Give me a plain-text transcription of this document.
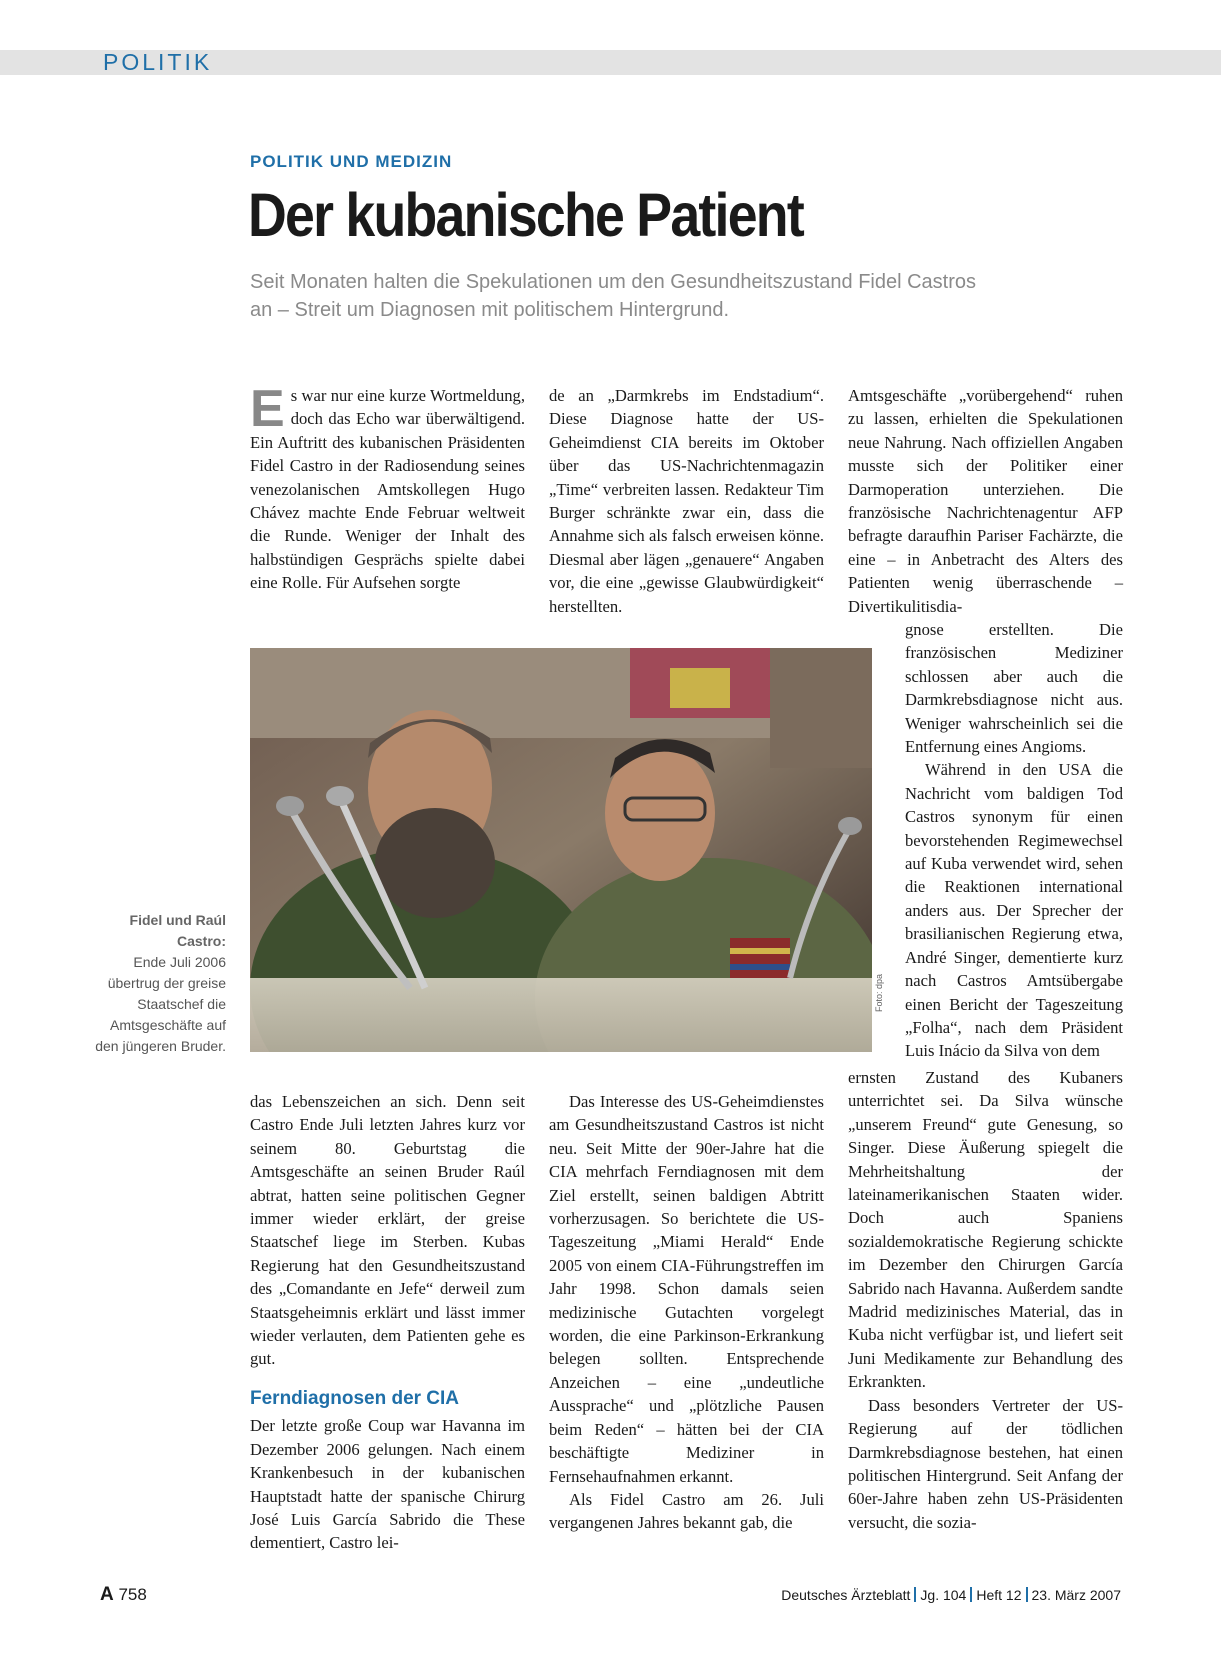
POLITIK
POLITIK UND MEDIZIN
Der kubanische Patient
Seit Monaten halten die Spekulationen um den Gesundheitszustand Fidel Castros an – Streit um Diagnosen mit politischem Hintergrund.

Es war nur eine kurze Wortmeldung, doch das Echo war überwältigend. Ein Auftritt des kubanischen Präsidenten Fidel Castro in der Radiosendung seines venezolanischen Amtskollegen Hugo Chávez machte Ende Februar weltweit die Runde. Weniger der Inhalt des halbstündigen Gesprächs spielte dabei eine Rolle. Für Aufsehen sorgte

de an „Darmkrebs im Endstadium“. Diese Diagnose hatte der US-Geheimdienst CIA bereits im Oktober über das US-Nachrichtenmagazin „Time“ verbreiten lassen. Redakteur Tim Burger schränkte zwar ein, dass die Annahme sich als falsch erweisen könne. Diesmal aber lägen „genauere“ Angaben vor, die eine „gewisse Glaubwürdigkeit“ herstellten.

Amtsgeschäfte „vorübergehend“ ruhen zu lassen, erhielten die Spekulationen neue Nahrung. Nach offiziellen Angaben musste sich der Politiker einer Darmoperation unterziehen. Die französische Nachrichtenagentur AFP befragte daraufhin Pariser Fachärzte, die eine – in Anbetracht des Alters des Patienten wenig überraschende – Divertikulitisdia-

gnose erstellten. Die französischen Mediziner schlossen aber auch die Darmkrebsdiagnose nicht aus. Weniger wahrscheinlich sei die Entfernung eines Angioms.

Während in den USA die Nachricht vom baldigen Tod Castros synonym für einen bevorstehenden Regimewechsel auf Kuba verwendet wird, sehen die Reaktionen international anders aus. Der Sprecher der brasilianischen Regierung etwa, André Singer, dementierte kurz nach Castros Amtsübergabe einen Bericht der Tageszeitung „Folha“, nach dem Präsident Luis Inácio da Silva von dem

Foto: dpa
Fidel und Raúl Castro:
Ende Juli 2006 übertrug der greise Staatschef die Amtsgeschäfte auf den jüngeren Bruder.

das Lebenszeichen an sich. Denn seit Castro Ende Juli letzten Jahres kurz vor seinem 80. Geburtstag die Amtsgeschäfte an seinen Bruder Raúl abtrat, hatten seine politischen Gegner immer wieder erklärt, der greise Staatschef liege im Sterben. Kubas Regierung hat den Gesundheitszustand des „Comandante en Jefe“ derweil zum Staatsgeheimnis erklärt und lässt immer wieder verlauten, dem Patienten gehe es gut.

Ferndiagnosen der CIA

Der letzte große Coup war Havanna im Dezember 2006 gelungen. Nach einem Krankenbesuch in der kubanischen Hauptstadt hatte der spanische Chirurg José Luis García Sabrido die These dementiert, Castro lei-

Das Interesse des US-Geheimdienstes am Gesundheitszustand Castros ist nicht neu. Seit Mitte der 90er-Jahre hat die CIA mehrfach Ferndiagnosen mit dem Ziel erstellt, seinen baldigen Abtritt vorherzusagen. So berichtete die US-Tageszeitung „Miami Herald“ Ende 2005 von einem CIA-Führungstreffen im Jahr 1998. Schon damals seien medizinische Gutachten vorgelegt worden, die eine Parkinson-Erkrankung belegen sollten. Entsprechende Anzeichen – eine „undeutliche Aussprache“ und „plötzliche Pausen beim Reden“ – hätten bei der CIA beschäftigte Mediziner in Fernsehaufnahmen erkannt.

Als Fidel Castro am 26. Juli vergangenen Jahres bekannt gab, die

ernsten Zustand des Kubaners unterrichtet sei. Da Silva wünsche „unserem Freund“ gute Genesung, so Singer. Diese Äußerung spiegelt die Mehrheitshaltung der lateinamerikanischen Staaten wider. Doch auch Spaniens sozialdemokratische Regierung schickte im Dezember den Chirurgen García Sabrido nach Havanna. Außerdem sandte Madrid medizinisches Material, das in Kuba nicht verfügbar ist, und liefert seit Juni Medikamente zur Behandlung des Erkrankten.

Dass besonders Vertreter der US-Regierung auf der tödlichen Darmkrebsdiagnose bestehen, hat einen politischen Hintergrund. Seit Anfang der 60er-Jahre haben zehn US-Präsidenten versucht, die sozia-

A 758	Deutsches Ärzteblatt Jg. 104 Heft 12 23. März 2007
